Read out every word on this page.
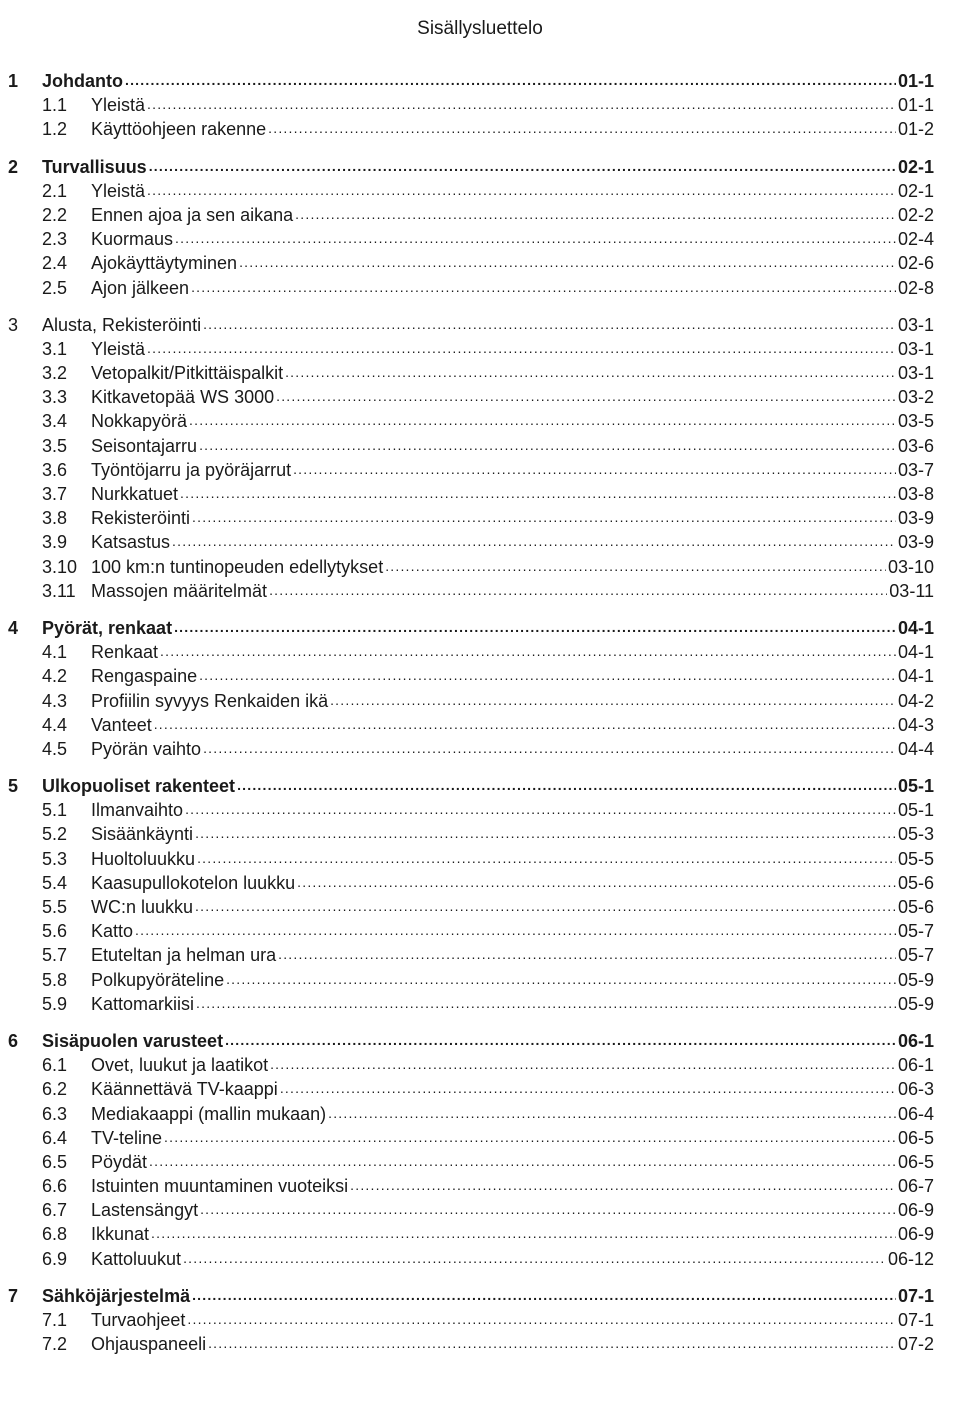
Sisällysluettelo
1	Johdanto .....	01-1
1.1	Yleistä .....	01-1
1.2	Käyttöohjeen rakenne .....	01-2
2	Turvallisuus .....	02-1
2.1	Yleistä .....	02-1
2.2	Ennen ajoa ja sen aikana .....	02-2
2.3	Kuormaus .....	02-4
2.4	Ajokäyttäytyminen .....	02-6
2.5	Ajon jälkeen .....	02-8
3	Alusta, Rekisteröinti .....	03-1
3.1	Yleistä .....	03-1
3.2	Vetopalkit/Pitkittäispalkit .....	03-1
3.3	Kitkavetopää WS 3000 .....	03-2
3.4	Nokkapyörä .....	03-5
3.5	Seisontajarru .....	03-6
3.6	Työntöjarru ja pyöräjarrut .....	03-7
3.7	Nurkkatuet .....	03-8
3.8	Rekisteröinti .....	03-9
3.9	Katsastus .....	03-9
3.10 100 km:n tuntinopeuden edellytykset .....	03-10
3.11 Massojen määritelmät .....	03-11
4	Pyörät, renkaat .....	04-1
4.1	Renkaat .....	04-1
4.2	Rengaspaine .....	04-1
4.3	Profiilin syvyys Renkaiden ikä .....	04-2
4.4	Vanteet .....	04-3
4.5	Pyörän vaihto .....	04-4
5	Ulkopuoliset rakenteet .....	05-1
5.1	Ilmanvaihto .....	05-1
5.2	Sisäänkäynti .....	05-3
5.3	Huoltoluukku .....	05-5
5.4	Kaasupullokotelon luukku .....	05-6
5.5	WC:n luukku .....	05-6
5.6	Katto .....	05-7
5.7	Etuteltan ja helman ura .....	05-7
5.8	Polkupyöräteline .....	05-9
5.9	Kattomarkiisi .....	05-9
6	Sisäpuolen varusteet .....	06-1
6.1	Ovet, luukut ja laatikot .....	06-1
6.2	Käännettävä TV-kaappi .....	06-3
6.3	Mediakaappi (mallin mukaan) .....	06-4
6.4	TV-teline .....	06-5
6.5	Pöydät .....	06-5
6.6	Istuinten muuntaminen vuoteiksi .....	06-7
6.7	Lastensängyt .....	06-9
6.8	Ikkunat .....	06-9
6.9	Kattoluukut .....	06-12
7	Sähköjärjestelmä .....	07-1
7.1	Turvaohjeet .....	07-1
7.2	Ohjauspaneeli .....	07-2
